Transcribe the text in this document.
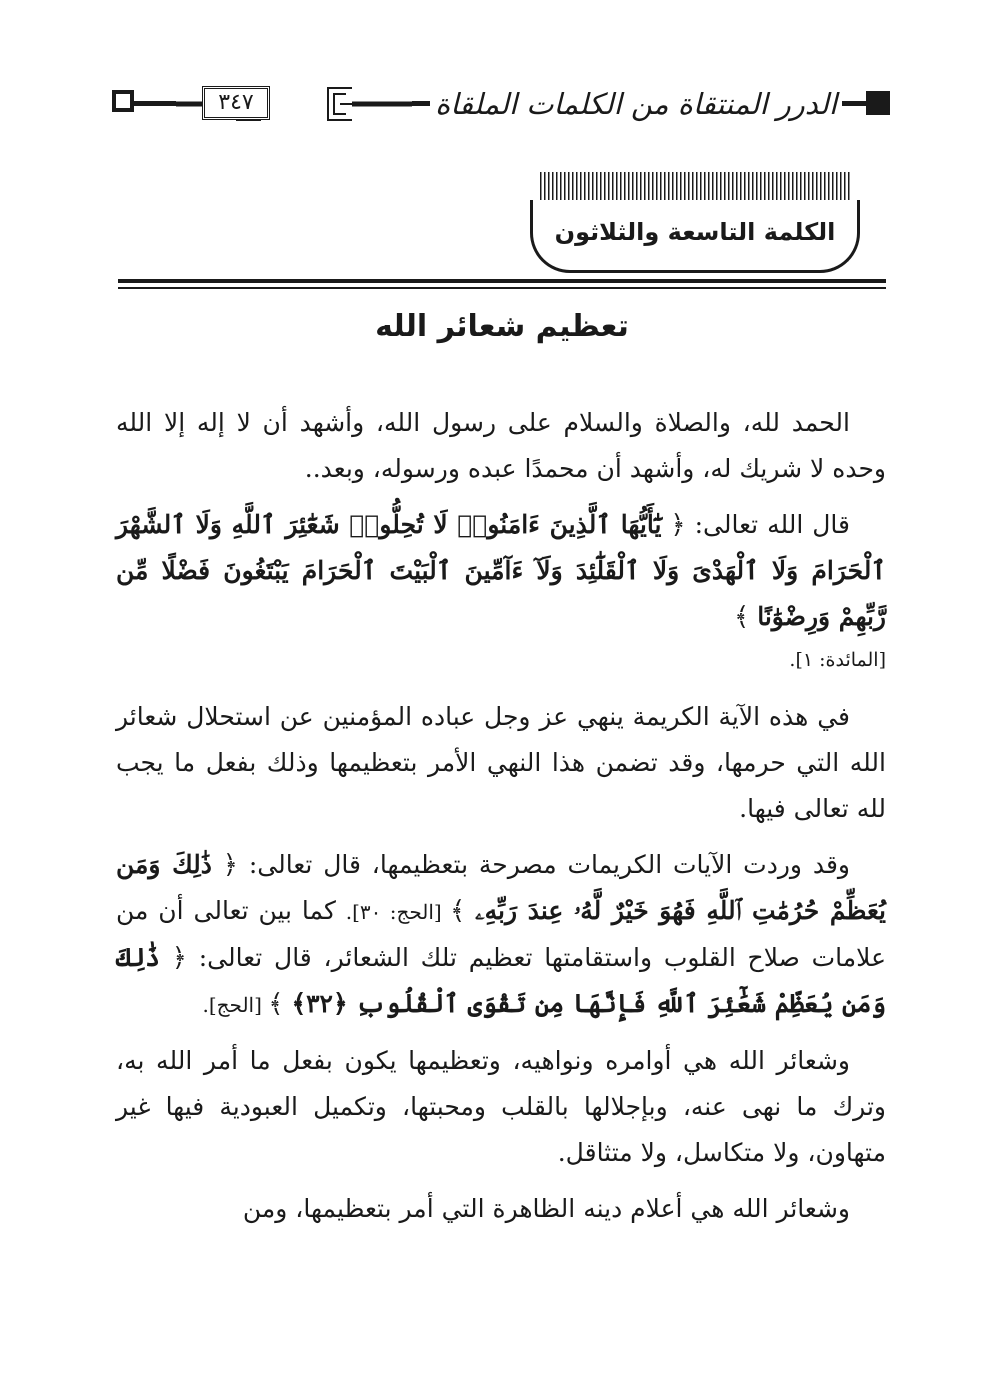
الدرر المنتقاة من الكلمات الملقاة
٣٤٧
الكلمة التاسعة والثلاثون
تعظيم شعائر الله

الحمد لله، والصلاة والسلام على رسول الله، وأشهد أن لا إله إلا الله وحده لا شريك له، وأشهد أن محمدًا عبده ورسوله، وبعد..

قال الله تعالى: ﴿ يَٰٓأَيُّهَا ٱلَّذِينَ ءَامَنُوا۟ لَا تُحِلُّوا۟ شَعَٰٓئِرَ ٱللَّهِ وَلَا ٱلشَّهْرَ ٱلْحَرَامَ وَلَا ٱلْهَدْىَ وَلَا ٱلْقَلَٰٓئِدَ وَلَآ ءَآمِّينَ ٱلْبَيْتَ ٱلْحَرَامَ يَبْتَغُونَ فَضْلًا مِّن رَّبِّهِمْ وَرِضْوَٰنًا ﴾

[المائدة: ١].

في هذه الآية الكريمة ينهي عز وجل عباده المؤمنين عن استحلال شعائر الله التي حرمها، وقد تضمن هذا النهي الأمر بتعظيمها وذلك بفعل ما يجب لله تعالى فيها.

وقد وردت الآيات الكريمات مصرحة بتعظيمها، قال تعالى: ﴿ ذَٰلِكَ وَمَن يُعَظِّمْ حُرُمَٰتِ ٱللَّهِ فَهُوَ خَيْرٌ لَّهُۥ عِندَ رَبِّهِۦ ﴾ [الحج: ٣٠]. كما بين تعالى أن من علامات صلاح القلوب واستقامتها تعظيم تلك الشعائر، قال تعالى: ﴿ ذَٰلِكَ وَمَن يُعَظِّمْ شَعَٰٓئِرَ ٱللَّهِ فَإِنَّهَا مِن تَقْوَى ٱلْقُلُوبِ ﴿٣٢﴾ ﴾ [الحج].

وشعائر الله هي أوامره ونواهيه، وتعظيمها يكون بفعل ما أمر الله به، وترك ما نهى عنه، وبإجلالها بالقلب ومحبتها، وتكميل العبودية فيها غير متهاون، ولا متكاسل، ولا متثاقل.

وشعائر الله هي أعلام دينه الظاهرة التي أمر بتعظيمها، ومن
